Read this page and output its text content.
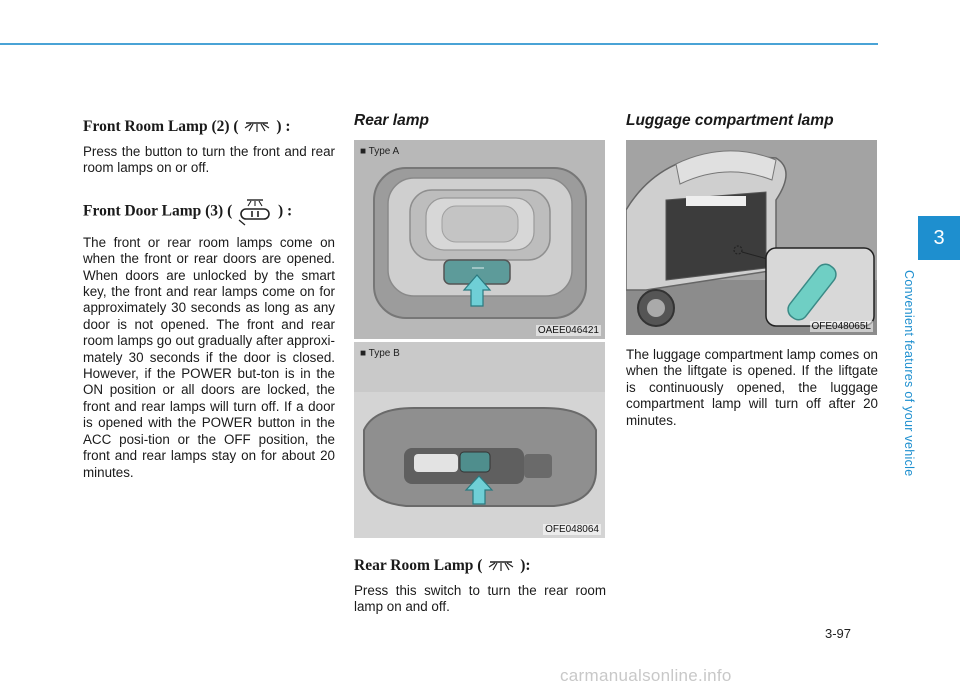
Front Room Lamp (2) ( ) :

Press the button to turn the front and rear room lamps on or off.

Front Door Lamp (3) (	) :

The front or rear room lamps come on when the front or rear doors are opened. When doors are unlocked by the smart key, the front and rear lamps come on for approximately 30 seconds as long as any door is not opened. The front and rear room lamps go out gradually after approxi-mately 30 seconds if the door is closed. However, if the POWER but-ton is in the ON position or all doors are locked, the front and rear lamps will turn off. If a door is opened with the POWER button in the ACC posi-tion or the OFF position, the front and rear lamps stay on for about 20 minutes.

Rear lamp
■ Type A
OAEE046421
■ Type B
OFE048064
Rear Room Lamp ( ):

Press this switch to turn the rear room lamp on and off.

Luggage compartment lamp
OFE048065L

The luggage compartment lamp comes on when the liftgate is opened. If the liftgate is continuously opened, the luggage compartment lamp will turn off after 20 minutes.

3
Convenient features of your vehicle
3-97
carmanualsonline.info
